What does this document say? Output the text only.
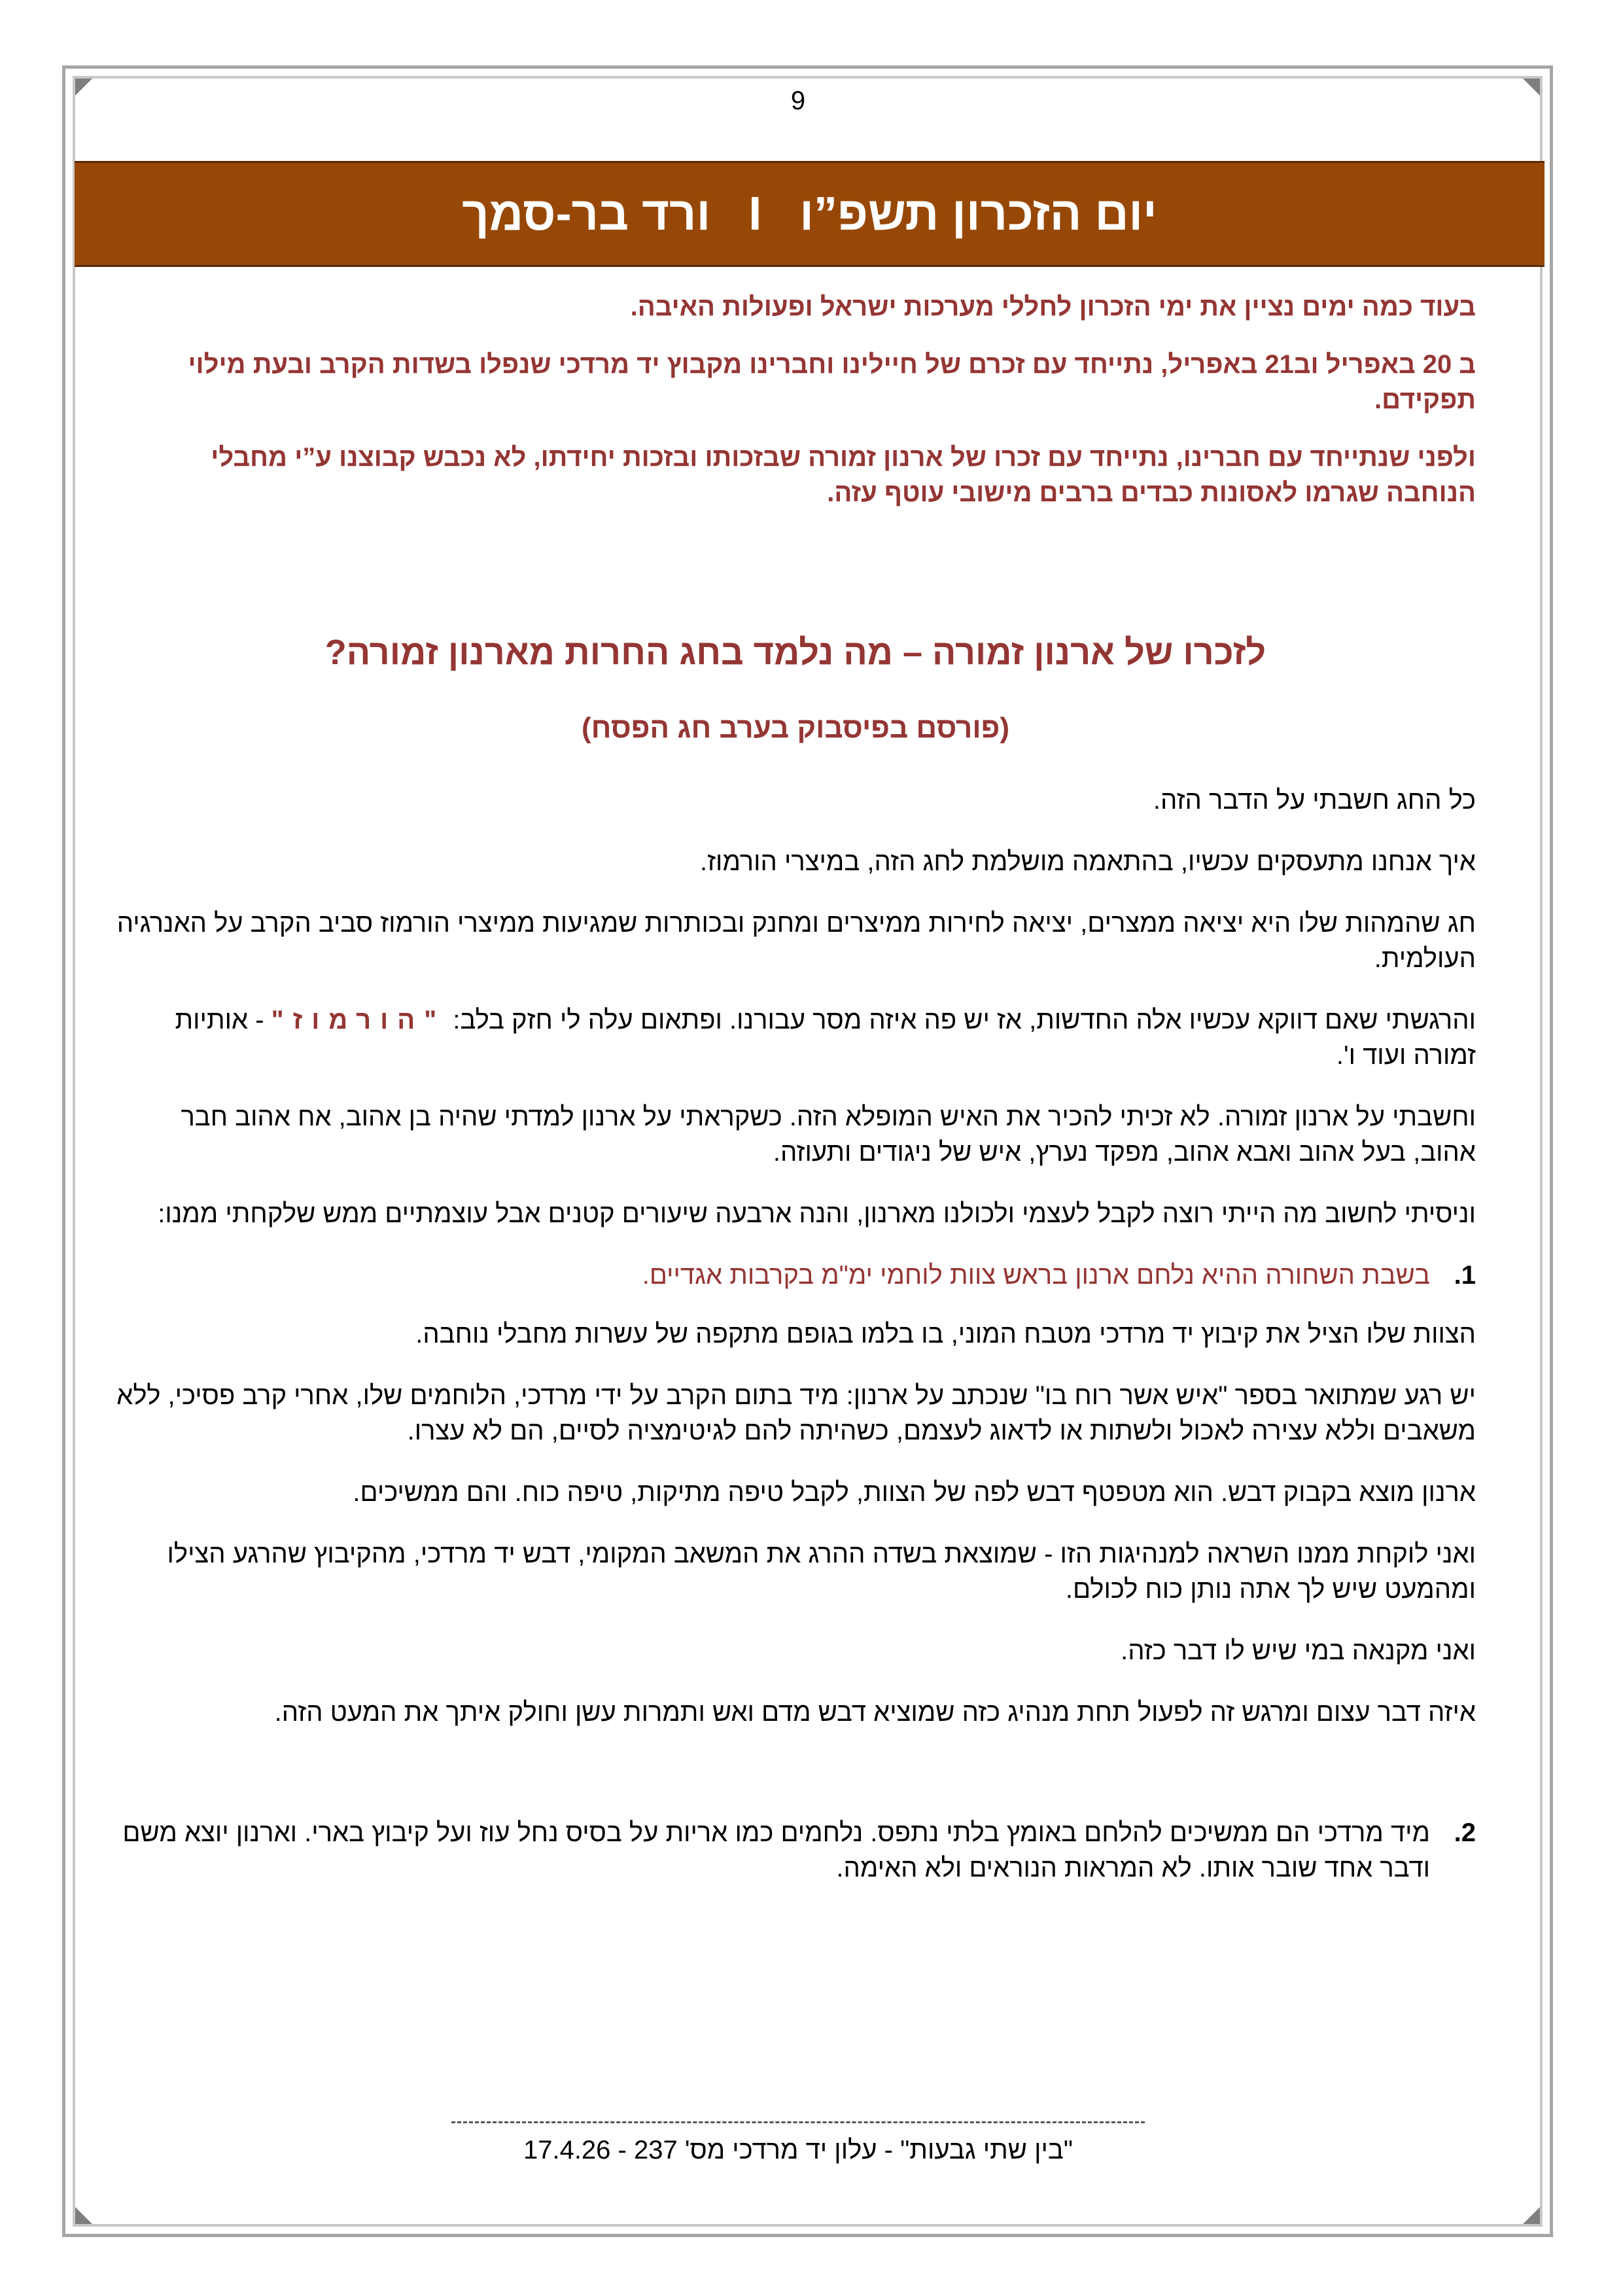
9
יום הזכרון תשפ”ו I ורד בר-סמך

בעוד כמה ימים נציין את ימי הזכרון לחללי מערכות ישראל ופעולות האיבה.

ב 20 באפריל וב21 באפריל, נתייחד עם זכרם של חיילינו וחברינו מקבוץ יד מרדכי שנפלו בשדות הקרב ובעת מילוי תפקידם.

ולפני שנתייחד עם חברינו, נתייחד עם זכרו של ארנון זמורה שבזכותו ובזכות יחידתו, לא נכבש קבוצנו ע”י מחבלי הנוחבה שגרמו לאסונות כבדים ברבים מישובי עוטף עזה.

לזכרו של ארנון זמורה – מה נלמד בחג החרות מארנון זמורה?
(פורסם בפיסבוק בערב חג הפסח)

כל החג חשבתי על הדבר הזה.

איך אנחנו מתעסקים עכשיו, בהתאמה מושלמת לחג הזה, במיצרי הורמוז.

חג שהמהות שלו היא יציאה ממצרים, יציאה לחירות ממיצרים ומחנק ובכותרות שמגיעות ממיצרי הורמוז סביב הקרב על האנרגיה העולמית.

והרגשתי שאם דווקא עכשיו אלה החדשות, אז יש פה איזה מסר עבורנו. ופתאום עלה לי חזק בלב: "הורמוז" - אותיות זמורה ועוד ו'.

וחשבתי על ארנון זמורה. לא זכיתי להכיר את האיש המופלא הזה. כשקראתי על ארנון למדתי שהיה בן אהוב, אח אהוב חבר אהוב, בעל אהוב ואבא אהוב, מפקד נערץ, איש של ניגודים ותעוזה.

וניסיתי לחשוב מה הייתי רוצה לקבל לעצמי ולכולנו מארנון, והנה ארבעה שיעורים קטנים אבל עוצמתיים ממש שלקחתי ממנו:

1.
בשבת השחורה ההיא נלחם ארנון בראש צוות לוחמי ימ"מ בקרבות אגדיים.

הצוות שלו הציל את קיבוץ יד מרדכי מטבח המוני, בו בלמו בגופם מתקפה של עשרות מחבלי נוחבה.

יש רגע שמתואר בספר "איש אשר רוח בו" שנכתב על ארנון: מיד בתום הקרב על ידי מרדכי, הלוחמים שלו, אחרי קרב פסיכי, ללא משאבים וללא עצירה לאכול ולשתות או לדאוג לעצמם, כשהיתה להם לגיטימציה לסיים, הם לא עצרו.

ארנון מוצא בקבוק דבש. הוא מטפטף דבש לפה של הצוות, לקבל טיפה מתיקות, טיפה כוח. והם ממשיכים.

ואני לוקחת ממנו השראה למנהיגות הזו - שמוצאת בשדה ההרג את המשאב המקומי, דבש יד מרדכי, מהקיבוץ שהרגע הצילו ומהמעט שיש לך אתה נותן כוח לכולם.

ואני מקנאה במי שיש לו דבר כזה.

איזה דבר עצום ומרגש זה לפעול תחת מנהיג כזה שמוציא דבש מדם ואש ותמרות עשן וחולק איתך את המעט הזה.

2.
מיד מרדכי הם ממשיכים להלחם באומץ בלתי נתפס. נלחמים כמו אריות על בסיס נחל עוז ועל קיבוץ בארי. וארנון יוצא משם ודבר אחד שובר אותו. לא המראות הנוראים ולא האימה.
"בין שתי גבעות" - עלון יד מרדכי מס' 237 - 17.4.26
